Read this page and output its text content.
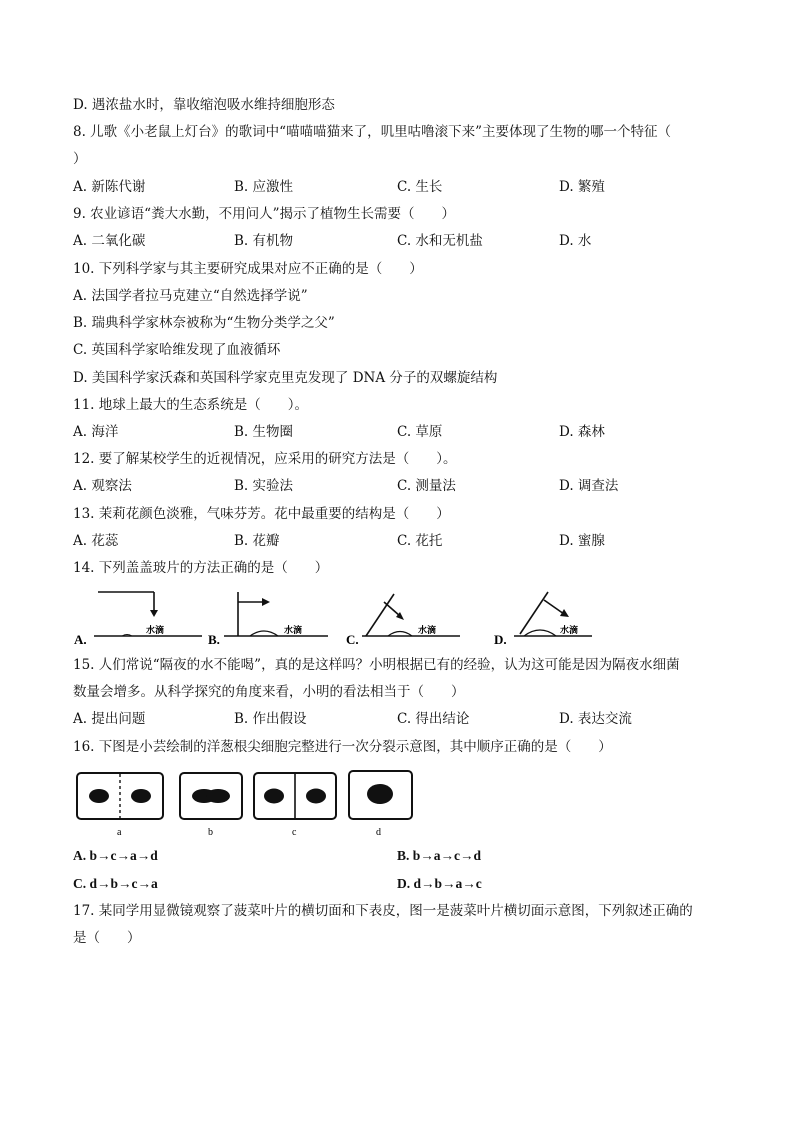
D. 遇浓盐水时，靠收缩泡吸水维持细胞形态
8. 儿歌《小老鼠上灯台》的歌词中“喵喵喵猫来了，叽里咕噜滚下来”主要体现了生物的哪一个特征（
）
A. 新陈代谢	B. 应激性	C. 生长	D. 繁殖
9. 农业谚语“粪大水勤，不用问人”揭示了植物生长需要（　　）
A. 二氧化碳	B. 有机物	C. 水和无机盐	D. 水
10. 下列科学家与其主要研究成果对应不正确的是（　　）
A. 法国学者拉马克建立“自然选择学说”
B. 瑞典科学家林奈被称为“生物分类学之父”
C. 英国科学家哈维发现了血液循环
D. 美国科学家沃森和英国科学家克里克发现了 DNA 分子的双螺旋结构
11. 地球上最大的生态系统是（　　）。
A. 海洋	B. 生物圈	C. 草原	D. 森林
12. 要了解某校学生的近视情况，应采用的研究方法是（　　）。
A. 观察法	B. 实验法	C. 测量法	D. 调查法
13. 茉莉花颜色淡雅，气味芬芳。花中最重要的结构是（　　）
A. 花蕊	B. 花瓣	C. 花托	D. 蜜腺
14. 下列盖盖玻片的方法正确的是（　　）
A.
水滴
B.
水滴
C.
水滴
D.
水滴
15. 人们常说“隔夜的水不能喝”，真的是这样吗？小明根据已有的经验，认为这可能是因为隔夜水细菌
数量会增多。从科学探究的角度来看，小明的看法相当于（　　）
A. 提出问题	B. 作出假设	C. 得出结论	D. 表达交流
16. 下图是小芸绘制的洋葱根尖细胞完整进行一次分裂示意图，其中顺序正确的是（　　）
a	b	c	d
A. b→c→a→d	B. b→a→c→d
C. d→b→c→a	D. d→b→a→c
17. 某同学用显微镜观察了菠菜叶片的横切面和下表皮，图一是菠菜叶片横切面示意图，下列叙述正确的
是（　　）
